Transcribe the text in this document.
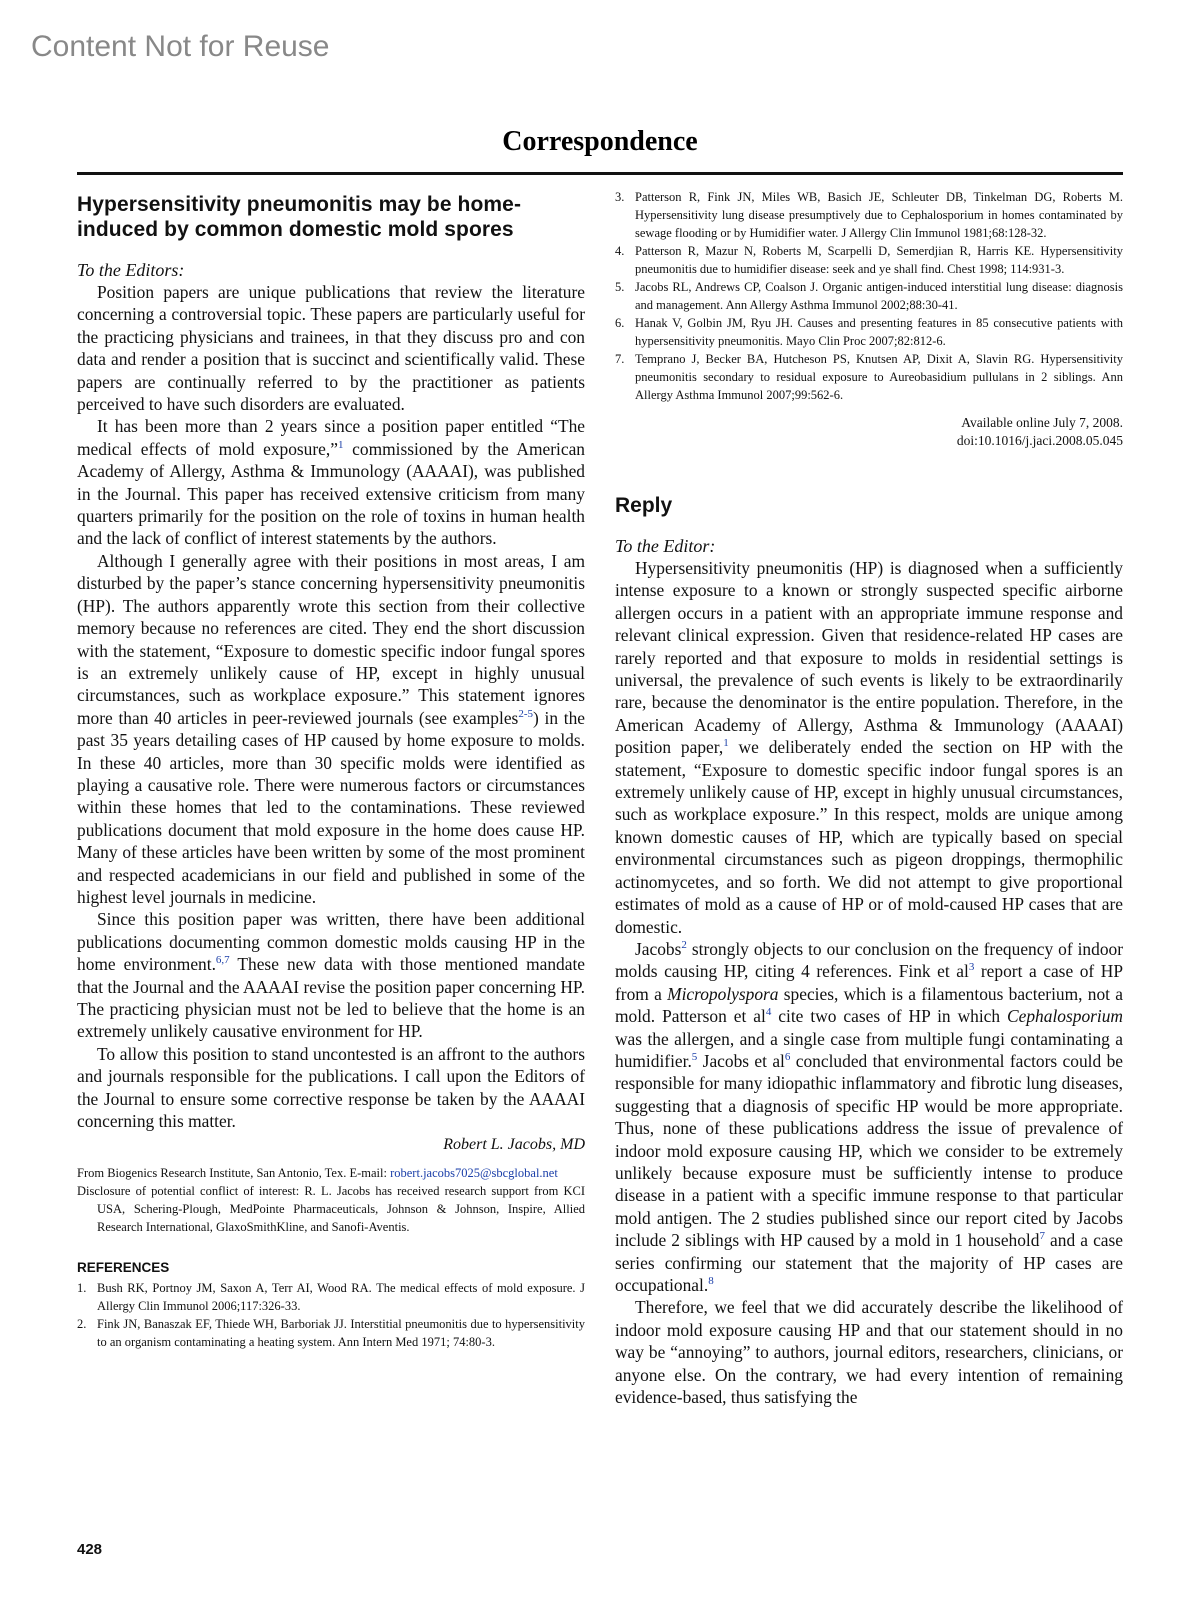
Content Not for Reuse
Correspondence
Hypersensitivity pneumonitis may be home-induced by common domestic mold spores
To the Editors:

Position papers are unique publications that review the literature concerning a controversial topic. These papers are particularly useful for the practicing physicians and trainees, in that they discuss pro and con data and render a position that is succinct and scientifically valid. These papers are continually referred to by the practitioner as patients perceived to have such disorders are evaluated.

It has been more than 2 years since a position paper entitled “The medical effects of mold exposure,”$^1$ commissioned by the American Academy of Allergy, Asthma & Immunology (AAAAI), was published in the Journal. This paper has received extensive criticism from many quarters primarily for the position on the role of toxins in human health and the lack of conflict of interest statements by the authors.

Although I generally agree with their positions in most areas, I am disturbed by the paper’s stance concerning hypersensitivity pneumonitis (HP). The authors apparently wrote this section from their collective memory because no references are cited. They end the short discussion with the statement, “Exposure to domestic specific indoor fungal spores is an extremely unlikely cause of HP, except in highly unusual circumstances, such as workplace exposure.” This statement ignores more than 40 articles in peer-reviewed journals (see examples$^{2-5}$) in the past 35 years detailing cases of HP caused by home exposure to molds. In these 40 articles, more than 30 specific molds were identified as playing a causative role. There were numerous factors or circumstances within these homes that led to the contaminations. These reviewed publications document that mold exposure in the home does cause HP. Many of these articles have been written by some of the most prominent and respected academicians in our field and published in some of the highest level journals in medicine.

Since this position paper was written, there have been additional publications documenting common domestic molds causing HP in the home environment.$^{6,7}$ These new data with those mentioned mandate that the Journal and the AAAAI revise the position paper concerning HP. The practicing physician must not be led to believe that the home is an extremely unlikely causative environment for HP.

To allow this position to stand uncontested is an affront to the authors and journals responsible for the publications. I call upon the Editors of the Journal to ensure some corrective response be taken by the AAAAI concerning this matter.

Robert L. Jacobs, MD

From Biogenics Research Institute, San Antonio, Tex. E-mail: robert.jacobs7025@sbcglobal.net

Disclosure of potential conflict of interest: R. L. Jacobs has received research support from KCI USA, Schering-Plough, MedPointe Pharmaceuticals, Johnson & Johnson, Inspire, Allied Research International, GlaxoSmithKline, and Sanofi-Aventis.

REFERENCES
1. Bush RK, Portnoy JM, Saxon A, Terr AI, Wood RA. The medical effects of mold exposure. J Allergy Clin Immunol 2006;117:326-33.
2. Fink JN, Banaszak EF, Thiede WH, Barboriak JJ. Interstitial pneumonitis due to hypersensitivity to an organism contaminating a heating system. Ann Intern Med 1971; 74:80-3.
3. Patterson R, Fink JN, Miles WB, Basich JE, Schleuter DB, Tinkelman DG, Roberts M. Hypersensitivity lung disease presumptively due to Cephalosporium in homes contaminated by sewage flooding or by Humidifier water. J Allergy Clin Immunol 1981;68:128-32.
4. Patterson R, Mazur N, Roberts M, Scarpelli D, Semerdjian R, Harris KE. Hypersensitivity pneumonitis due to humidifier disease: seek and ye shall find. Chest 1998; 114:931-3.
5. Jacobs RL, Andrews CP, Coalson J. Organic antigen-induced interstitial lung disease: diagnosis and management. Ann Allergy Asthma Immunol 2002;88:30-41.
6. Hanak V, Golbin JM, Ryu JH. Causes and presenting features in 85 consecutive patients with hypersensitivity pneumonitis. Mayo Clin Proc 2007;82:812-6.
7. Temprano J, Becker BA, Hutcheson PS, Knutsen AP, Dixit A, Slavin RG. Hypersensitivity pneumonitis secondary to residual exposure to Aureobasidium pullulans in 2 siblings. Ann Allergy Asthma Immunol 2007;99:562-6.
Available online July 7, 2008.
doi:10.1016/j.jaci.2008.05.045
Reply
To the Editor:

Hypersensitivity pneumonitis (HP) is diagnosed when a sufficiently intense exposure to a known or strongly suspected specific airborne allergen occurs in a patient with an appropriate immune response and relevant clinical expression. Given that residence-related HP cases are rarely reported and that exposure to molds in residential settings is universal, the prevalence of such events is likely to be extraordinarily rare, because the denominator is the entire population. Therefore, in the American Academy of Allergy, Asthma & Immunology (AAAAI) position paper,$^1$ we deliberately ended the section on HP with the statement, “Exposure to domestic specific indoor fungal spores is an extremely unlikely cause of HP, except in highly unusual circumstances, such as workplace exposure.” In this respect, molds are unique among known domestic causes of HP, which are typically based on special environmental circumstances such as pigeon droppings, thermophilic actinomycetes, and so forth. We did not attempt to give proportional estimates of mold as a cause of HP or of mold-caused HP cases that are domestic.

Jacobs$^2$ strongly objects to our conclusion on the frequency of indoor molds causing HP, citing 4 references. Fink et $al^3$ report a case of HP from a Micropolyspora species, which is a filamentous bacterium, not a mold. Patterson et $al^4$ cite two cases of HP in which Cephalosporium was the allergen, and a single case from multiple fungi contaminating a humidifier.$^5$ Jacobs et $al^6$ concluded that environmental factors could be responsible for many idiopathic inflammatory and fibrotic lung diseases, suggesting that a diagnosis of specific HP would be more appropriate. Thus, none of these publications address the issue of prevalence of indoor mold exposure causing HP, which we consider to be extremely unlikely because exposure must be sufficiently intense to produce disease in a patient with a specific immune response to that particular mold antigen. The 2 studies published since our report cited by Jacobs include 2 siblings with HP caused by a mold in 1 household$^7$ and a case series confirming our statement that the majority of HP cases are occupational.$^8$

Therefore, we feel that we did accurately describe the likelihood of indoor mold exposure causing HP and that our statement should in no way be “annoying” to authors, journal editors, researchers, clinicians, or anyone else. On the contrary, we had every intention of remaining evidence-based, thus satisfying the

428
